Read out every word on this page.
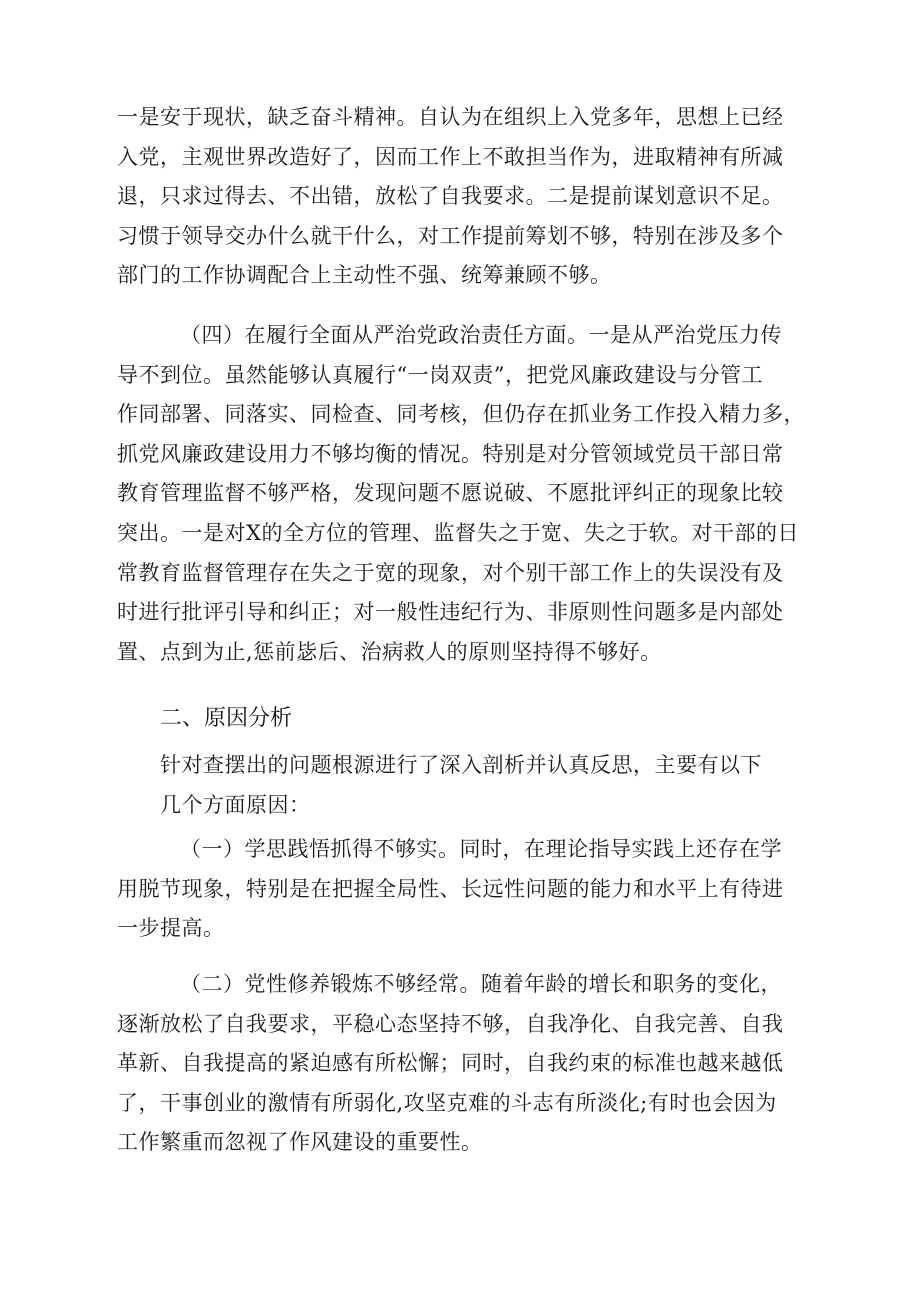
一是安于现状，缺乏奋斗精神。自认为在组织上入党多年，思想上已经
入党，主观世界改造好了，因而工作上不敢担当作为，进取精神有所减
退，只求过得去、不出错，放松了自我要求。二是提前谋划意识不足。
习惯于领导交办什么就干什么，对工作提前筹划不够，特别在涉及多个
部门的工作协调配合上主动性不强、统筹兼顾不够。
（四）在履行全面从严治党政治责任方面。一是从严治党压力传
导不到位。虽然能够认真履行“一岗双责”，把党风廉政建设与分管工
作同部署、同落实、同检查、同考核，但仍存在抓业务工作投入精力多，
抓党风廉政建设用力不够均衡的情况。特别是对分管领域党员干部日常
教育管理监督不够严格，发现问题不愿说破、不愿批评纠正的现象比较
突出。一是对X的全方位的管理、监督失之于宽、失之于软。对干部的日
常教育监督管理存在失之于宽的现象，对个别干部工作上的失误没有及
时进行批评引导和纠正；对一般性违纪行为、非原则性问题多是内部处
置、点到为止,惩前毖后、治病救人的原则坚持得不够好。
二、原因分析
针对查摆出的问题根源进行了深入剖析并认真反思，主要有以下
几个方面原因：
（一）学思践悟抓得不够实。同时，在理论指导实践上还存在学
用脱节现象，特别是在把握全局性、长远性问题的能力和水平上有待进
一步提高。
（二）党性修养锻炼不够经常。随着年龄的增长和职务的变化，
逐渐放松了自我要求，平稳心态坚持不够，自我净化、自我完善、自我
革新、自我提高的紧迫感有所松懈；同时，自我约束的标准也越来越低
了，干事创业的激情有所弱化,攻坚克难的斗志有所淡化;有时也会因为
工作繁重而忽视了作风建设的重要性。
